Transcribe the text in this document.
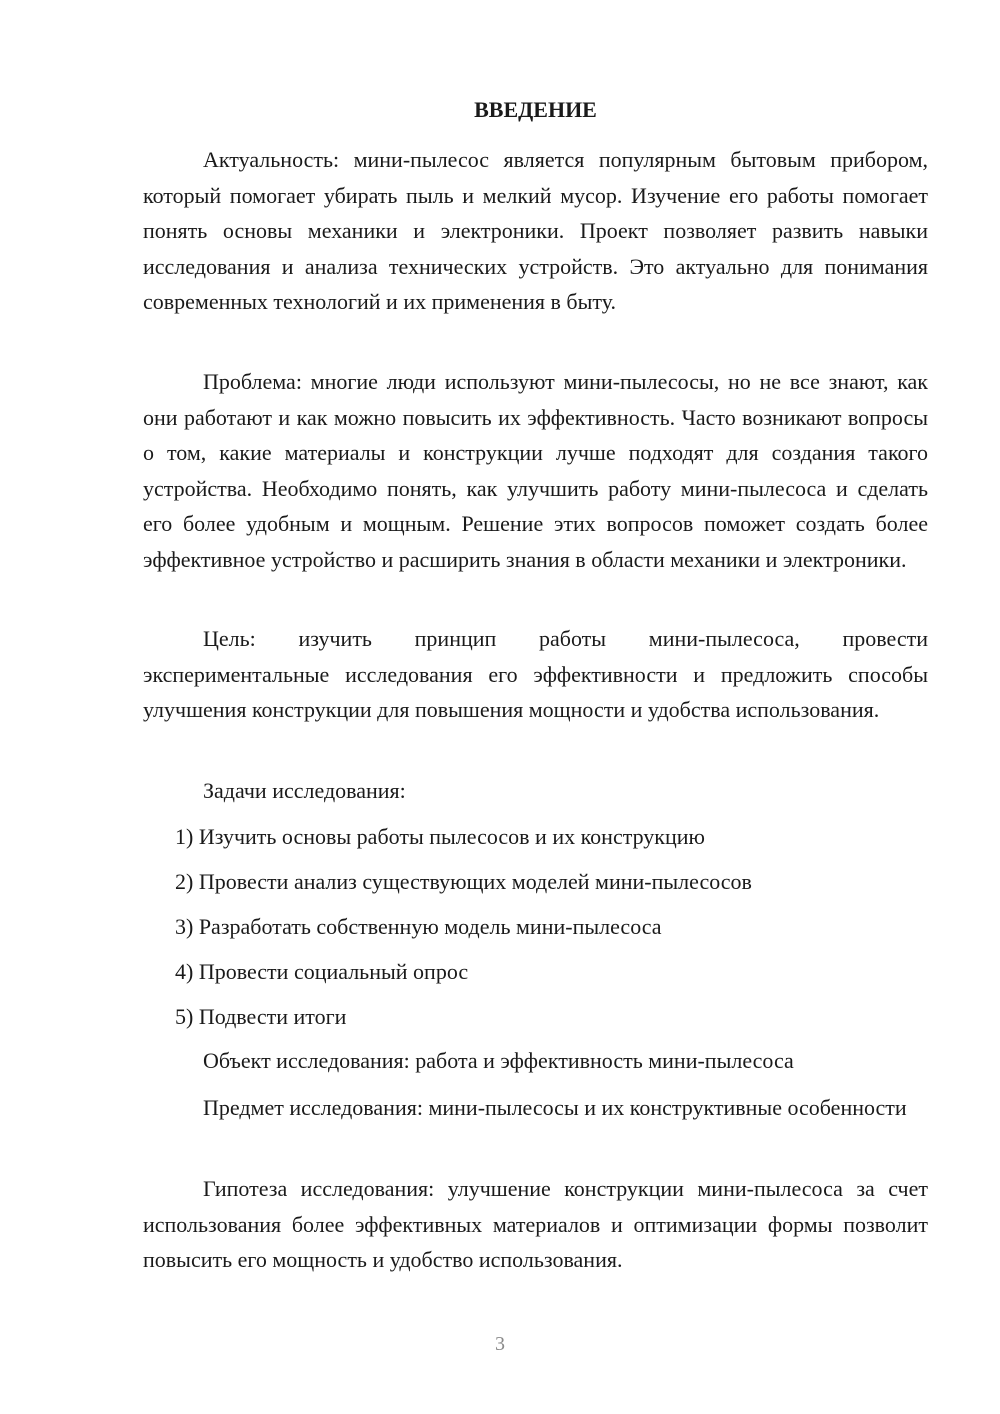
ВВЕДЕНИЕ

Актуальность: мини-пылесос является популярным бытовым прибором, который помогает убирать пыль и мелкий мусор. Изучение его работы помогает понять основы механики и электроники. Проект позволяет развить навыки исследования и анализа технических устройств. Это актуально для понимания современных технологий и их применения в быту.

Проблема: многие люди используют мини-пылесосы, но не все знают, как они работают и как можно повысить их эффективность. Часто возникают вопросы о том, какие материалы и конструкции лучше подходят для создания такого устройства. Необходимо понять, как улучшить работу мини-пылесоса и сделать его более удобным и мощным. Решение этих вопросов поможет создать более эффективное устройство и расширить знания в области механики и электроники.

Цель: изучить принцип работы мини-пылесоса, провести экспериментальные исследования его эффективности и предложить способы улучшения конструкции для повышения мощности и удобства использования.

Задачи исследования:

1) Изучить основы работы пылесосов и их конструкцию

2) Провести анализ существующих моделей мини-пылесосов

3) Разработать собственную модель мини-пылесоса

4) Провести социальный опрос

5) Подвести итоги

Объект исследования: работа и эффективность мини-пылесоса

Предмет исследования: мини-пылесосы и их конструктивные особенности

Гипотеза исследования: улучшение конструкции мини-пылесоса за счет использования более эффективных материалов и оптимизации формы позволит повысить его мощность и удобство использования.

3
